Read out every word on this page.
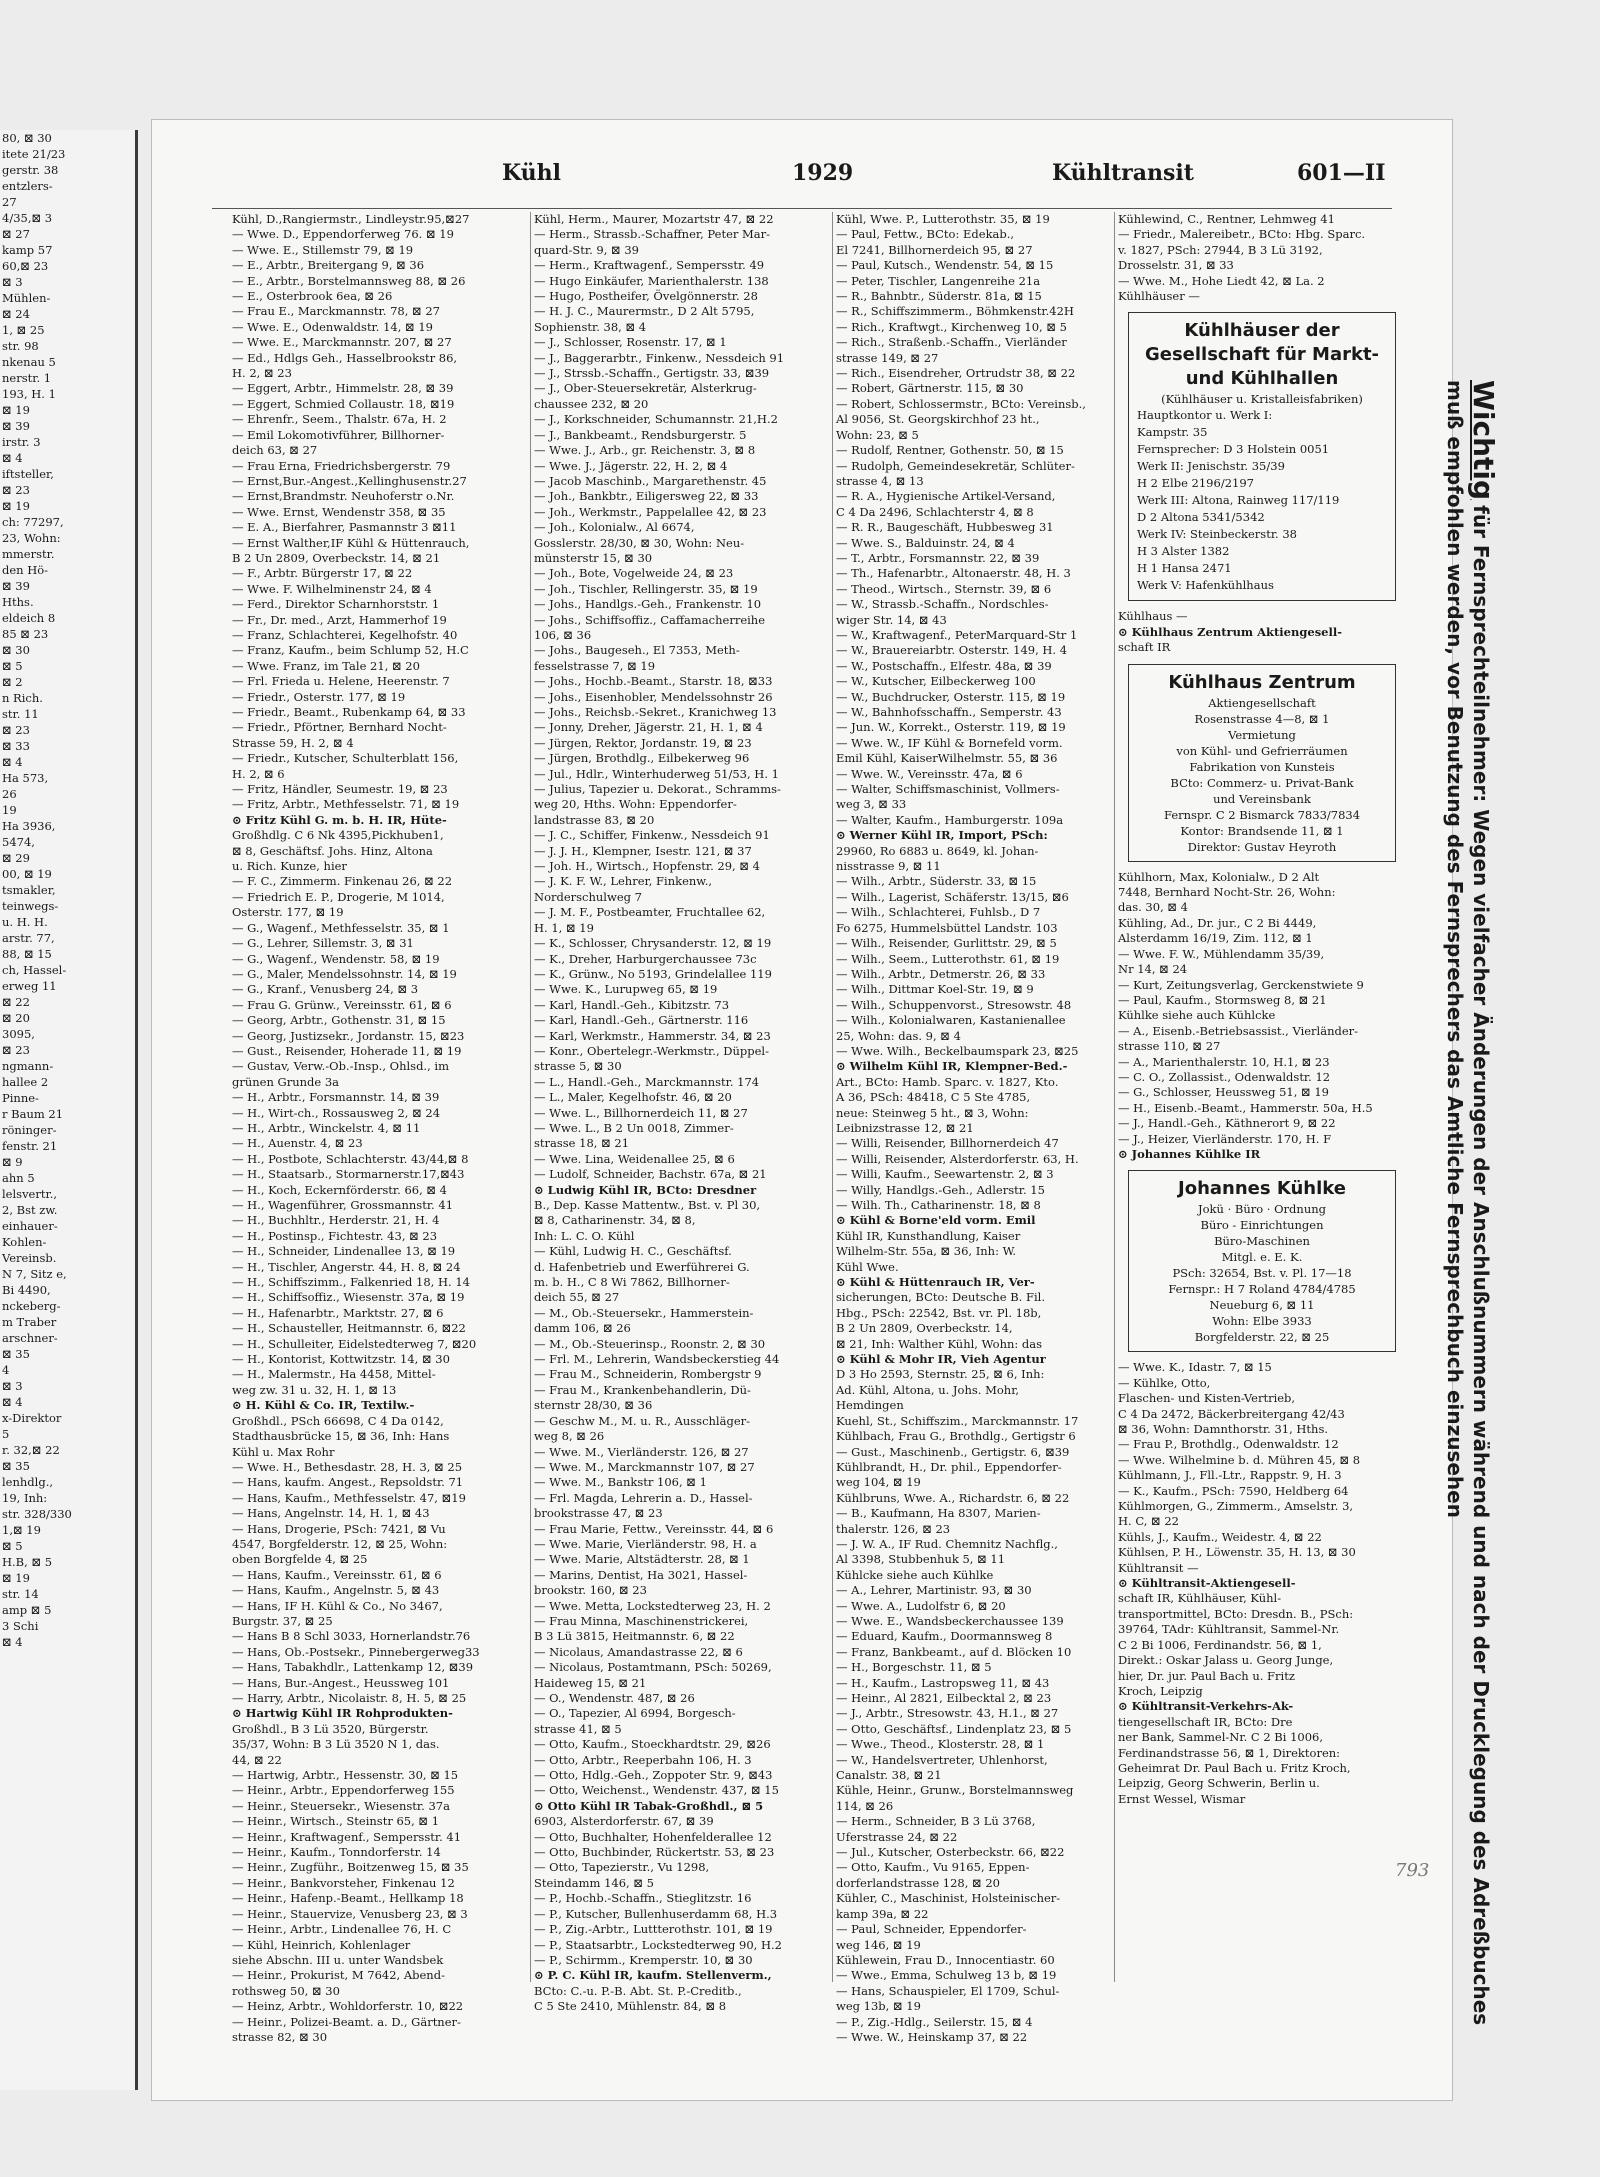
80, ⊠ 30
itete 21/23
gerstr. 38
entzlers-
27
4/35,⊠ 3
⊠ 27
kamp 57
60,⊠ 23
⊠ 3
Mühlen-
⊠ 24
1, ⊠ 25
str. 98
nkenau 5
nerstr. 1
193, H. 1
⊠ 19
⊠ 39
irstr. 3
⊠ 4
iftsteller,
⊠ 23
⊠ 19
ch: 77297,
23, Wohn:
mmerstr.
den Hö-
⊠ 39
Hths.
eldeich 8
85 ⊠ 23
⊠ 30
⊠ 5
⊠ 2
n Rich.
str. 11
⊠ 23
⊠ 33
⊠ 4
Ha 573,
26
19
Ha 3936,
5474,
⊠ 29
00, ⊠ 19
tsmakler,
teinwegs-
u. H. H.
arstr. 77,
88, ⊠ 15
ch, Hassel-
erweg 11
⊠ 22
⊠ 20
3095,
⊠ 23
ngmann-
hallee 2
Pinne-
r Baum 21
röninger-
fenstr. 21
⊠ 9
ahn 5
lelsvertr.,
2, Bst zw.
einhauer-
Kohlen-
Vereinsb.
N 7, Sitz e,
Bi 4490,
nckeberg-
m Traber
arschner-
⊠ 35
4
⊠ 3
⊠ 4
x-Direktor
5
r. 32,⊠ 22
⊠ 35
lenhdlg.,
19, Inh:
str. 328/330
1,⊠ 19
⊠ 5
H.B, ⊠ 5
⊠ 19
str. 14
amp ⊠ 5
3 Schi
⊠ 4
Kühl	1929	Kühltransit	601—II
Kühl, D.,Rangiermstr., Lindleystr.95,⊠27
— Wwe. D., Eppendorferweg 76. ⊠ 19
— Wwe. E., Stillemstr 79, ⊠ 19
— E., Arbtr., Breitergang 9, ⊠ 36
— E., Arbtr., Borstelmannsweg 88, ⊠ 26
— E., Osterbrook 6ea, ⊠ 26
— Frau E., Marckmannstr. 78, ⊠ 27
— Wwe. E., Odenwaldstr. 14, ⊠ 19
— Wwe. E., Marckmannstr. 207, ⊠ 27
— Ed., Hdlgs Geh., Hasselbrookstr 86,
H. 2, ⊠ 23
— Eggert, Arbtr., Himmelstr. 28, ⊠ 39
— Eggert, Schmied Collaustr. 18, ⊠19
— Ehrenfr., Seem., Thalstr. 67a, H. 2
— Emil Lokomotivführer, Billhorner-
deich 63, ⊠ 27
— Frau Erna, Friedrichsbergerstr. 79
— Ernst,Bur.-Angest.,Kellinghusenstr.27
— Ernst,Brandmstr. Neuhoferstr o.Nr.
— Wwe. Ernst, Wendenstr 358, ⊠ 35
— E. A., Bierfahrer, Pasmannstr 3 ⊠11
— Ernst Walther,IF Kühl & Hüttenrauch,
B 2 Un 2809, Overbeckstr. 14, ⊠ 21
— F., Arbtr. Bürgerstr 17, ⊠ 22
— Wwe. F. Wilhelminenstr 24, ⊠ 4
— Ferd., Direktor Scharnhorststr. 1
— Fr., Dr. med., Arzt, Hammerhof 19
— Franz, Schlachterei, Kegelhofstr. 40
— Franz, Kaufm., beim Schlump 52, H.C
— Wwe. Franz, im Tale 21, ⊠ 20
— Frl. Frieda u. Helene, Heerenstr. 7
— Friedr., Osterstr. 177, ⊠ 19
— Friedr., Beamt., Rubenkamp 64, ⊠ 33
— Friedr., Pförtner, Bernhard Nocht-
Strasse 59, H. 2, ⊠ 4
— Friedr., Kutscher, Schulterblatt 156,
H. 2, ⊠ 6
— Fritz, Händler, Seumestr. 19, ⊠ 23
— Fritz, Arbtr., Methfesselstr. 71, ⊠ 19
⊙ Fritz Kühl G. m. b. H. IR, Hüte-
Großhdlg. C 6 Nk 4395,Pickhuben1,
⊠ 8, Geschäftsf. Johs. Hinz, Altona
u. Rich. Kunze, hier
— F. C., Zimmerm. Finkenau 26, ⊠ 22
— Friedrich E. P., Drogerie, M 1014,
Osterstr. 177, ⊠ 19
— G., Wagenf., Methfesselstr. 35, ⊠ 1
— G., Lehrer, Sillemstr. 3, ⊠ 31
— G., Wagenf., Wendenstr. 58, ⊠ 19
— G., Maler, Mendelssohnstr. 14, ⊠ 19
— G., Kranf., Venusberg 24, ⊠ 3
— Frau G. Grünw., Vereinsstr. 61, ⊠ 6
— Georg, Arbtr., Gothenstr. 31, ⊠ 15
— Georg, Justizsekr., Jordanstr. 15, ⊠23
— Gust., Reisender, Hoherade 11, ⊠ 19
— Gustav, Verw.-Ob.-Insp., Ohlsd., im
grünen Grunde 3a
— H., Arbtr., Forsmannstr. 14, ⊠ 39
— H., Wirt-ch., Rossausweg 2, ⊠ 24
— H., Arbtr., Winckelstr. 4, ⊠ 11
— H., Auenstr. 4, ⊠ 23
— H., Postbote, Schlachterstr. 43/44,⊠ 8
— H., Staatsarb., Stormarnerstr.17,⊠43
— H., Koch, Eckernförderstr. 66, ⊠ 4
— H., Wagenführer, Grossmannstr. 41
— H., Buchhltr., Herderstr. 21, H. 4
— H., Postinsp., Fichtestr. 43, ⊠ 23
— H., Schneider, Lindenallee 13, ⊠ 19
— H., Tischler, Angerstr. 44, H. 8, ⊠ 24
— H., Schiffszimm., Falkenried 18, H. 14
— H., Schiffsoffiz., Wiesenstr. 37a, ⊠ 19
— H., Hafenarbtr., Marktstr. 27, ⊠ 6
— H., Schausteller, Heitmannstr. 6, ⊠22
— H., Schulleiter, Eidelstedterweg 7, ⊠20
— H., Kontorist, Kottwitzstr. 14, ⊠ 30
— H., Malermstr., Ha 4458, Mittel-
weg zw. 31 u. 32, H. 1, ⊠ 13
⊙ H. Kühl & Co. IR, Textilw.-
Großhdl., PSch 66698, C 4 Da 0142,
Stadthausbrücke 15, ⊠ 36, Inh: Hans
Kühl u. Max Rohr
— Wwe. H., Bethesdastr. 28, H. 3, ⊠ 25
— Hans, kaufm. Angest., Repsoldstr. 71
— Hans, Kaufm., Methfesselstr. 47, ⊠19
— Hans, Angelnstr. 14, H. 1, ⊠ 43
— Hans, Drogerie, PSch: 7421, ⊠ Vu
4547, Borgfelderstr. 12, ⊠ 25, Wohn:
oben Borgfelde 4, ⊠ 25
— Hans, Kaufm., Vereinsstr. 61, ⊠ 6
— Hans, Kaufm., Angelnstr. 5, ⊠ 43
— Hans, IF H. Kühl & Co., No 3467,
Burgstr. 37, ⊠ 25
— Hans B 8 Schl 3033, Hornerlandstr.76
— Hans, Ob.-Postsekr., Pinnebergerweg33
— Hans, Tabakhdlr., Lattenkamp 12, ⊠39
— Hans, Bur.-Angest., Heussweg 101
— Harry, Arbtr., Nicolaistr. 8, H. 5, ⊠ 25
⊙ Hartwig Kühl IR Rohprodukten-
Großhdl., B 3 Lü 3520, Bürgerstr.
35/37, Wohn: B 3 Lü 3520 N 1, das.
44, ⊠ 22
— Hartwig, Arbtr., Hessenstr. 30, ⊠ 15
— Heinr., Arbtr., Eppendorferweg 155
— Heinr., Steuersekr., Wiesenstr. 37a
— Heinr., Wirtsch., Steinstr 65, ⊠ 1
— Heinr., Kraftwagenf., Sempersstr. 41
— Heinr., Kaufm., Tonndorferstr. 14
— Heinr., Zugführ., Boitzenweg 15, ⊠ 35
— Heinr., Bankvorsteher, Finkenau 12
— Heinr., Hafenp.-Beamt., Hellkamp 18
— Heinr., Stauervize, Venusberg 23, ⊠ 3
— Heinr., Arbtr., Lindenallee 76, H. C
— Kühl, Heinrich, Kohlenlager
siehe Abschn. III u. unter Wandsbek
— Heinr., Prokurist, M 7642, Abend-
rothsweg 50, ⊠ 30
— Heinz, Arbtr., Wohldorferstr. 10, ⊠22
— Heinr., Polizei-Beamt. a. D., Gärtner-
strasse 82, ⊠ 30
Kühl, Herm., Maurer, Mozartstr 47, ⊠ 22
— Herm., Strassb.-Schaffner, Peter Mar-
quard-Str. 9, ⊠ 39
— Herm., Kraftwagenf., Sempersstr. 49
— Hugo Einkäufer, Marienthalerstr. 138
— Hugo, Postheifer, Övelgönnerstr. 28
— H. J. C., Maurermstr., D 2 Alt 5795,
Sophienstr. 38, ⊠ 4
— J., Schlosser, Rosenstr. 17, ⊠ 1
— J., Baggerarbtr., Finkenw., Nessdeich 91
— J., Strssb.-Schaffn., Gertigstr. 33, ⊠39
— J., Ober-Steuersekretär, Alsterkrug-
chaussee 232, ⊠ 20
— J., Korkschneider, Schumannstr. 21,H.2
— J., Bankbeamt., Rendsburgerstr. 5
— Wwe. J., Arb., gr. Reichenstr. 3, ⊠ 8
— Wwe. J., Jägerstr. 22, H. 2, ⊠ 4
— Jacob Maschinb., Margarethenstr. 45
— Joh., Bankbtr., Eiligersweg 22, ⊠ 33
— Joh., Werkmstr., Pappelallee 42, ⊠ 23
— Joh., Kolonialw., Al 6674,
Gosslerstr. 28/30, ⊠ 30, Wohn: Neu-
münsterstr 15, ⊠ 30
— Joh., Bote, Vogelweide 24, ⊠ 23
— Joh., Tischler, Rellingerstr. 35, ⊠ 19
— Johs., Handlgs.-Geh., Frankenstr. 10
— Johs., Schiffsoffiz., Caffamacherreihe
106, ⊠ 36
— Johs., Baugeseh., El 7353, Meth-
fesselstrasse 7, ⊠ 19
— Johs., Hochb.-Beamt., Starstr. 18, ⊠33
— Johs., Eisenhobler, Mendelssohnstr 26
— Johs., Reichsb.-Sekret., Kranichweg 13
— Jonny, Dreher, Jägerstr. 21, H. 1, ⊠ 4
— Jürgen, Rektor, Jordanstr. 19, ⊠ 23
— Jürgen, Brothdlg., Eilbekerweg 96
— Jul., Hdlr., Winterhuderweg 51/53, H. 1
— Julius, Tapezier u. Dekorat., Schramms-
weg 20, Hths. Wohn: Eppendorfer-
landstrasse 83, ⊠ 20
— J. C., Schiffer, Finkenw., Nessdeich 91
— J. J. H., Klempner, Isestr. 121, ⊠ 37
— Joh. H., Wirtsch., Hopfenstr. 29, ⊠ 4
— J. K. F. W., Lehrer, Finkenw.,
Norderschulweg 7
— J. M. F., Postbeamter, Fruchtallee 62,
H. 1, ⊠ 19
— K., Schlosser, Chrysanderstr. 12, ⊠ 19
— K., Dreher, Harburgerchaussee 73c
— K., Grünw., No 5193, Grindelallee 119
— Wwe. K., Lurupweg 65, ⊠ 19
— Karl, Handl.-Geh., Kibitzstr. 73
— Karl, Handl.-Geh., Gärtnerstr. 116
— Karl, Werkmstr., Hammerstr. 34, ⊠ 23
— Konr., Obertelegr.-Werkmstr., Düppel-
strasse 5, ⊠ 30
— L., Handl.-Geh., Marckmannstr. 174
— L., Maler, Kegelhofstr. 46, ⊠ 20
— Wwe. L., Billhornerdeich 11, ⊠ 27
— Wwe. L., B 2 Un 0018, Zimmer-
strasse 18, ⊠ 21
— Wwe. Lina, Weidenallee 25, ⊠ 6
— Ludolf, Schneider, Bachstr. 67a, ⊠ 21
⊙ Ludwig Kühl IR, BCto: Dresdner
B., Dep. Kasse Mattentw., Bst. v. Pl 30,
⊠ 8, Catharinenstr. 34, ⊠ 8,
Inh: L. C. O. Kühl
— Kühl, Ludwig H. C., Geschäftsf.
d. Hafenbetrieb und Ewerführerei G.
m. b. H., C 8 Wi 7862, Billhorner-
deich 55, ⊠ 27
— M., Ob.-Steuersekr., Hammerstein-
damm 106, ⊠ 26
— M., Ob.-Steuerinsp., Roonstr. 2, ⊠ 30
— Frl. M., Lehrerin, Wandsbeckerstieg 44
— Frau M., Schneiderin, Rombergstr 9
— Frau M., Krankenbehandlerin, Dü-
sternstr 28/30, ⊠ 36
— Geschw M., M. u. R., Ausschläger-
weg 8, ⊠ 26
— Wwe. M., Vierländerstr. 126, ⊠ 27
— Wwe. M., Marckmannstr 107, ⊠ 27
— Wwe. M., Bankstr 106, ⊠ 1
— Frl. Magda, Lehrerin a. D., Hassel-
brookstrasse 47, ⊠ 23
— Frau Marie, Fettw., Vereinsstr. 44, ⊠ 6
— Wwe. Marie, Vierländerstr. 98, H. a
— Wwe. Marie, Altstädterstr. 28, ⊠ 1
— Marins, Dentist, Ha 3021, Hassel-
brookstr. 160, ⊠ 23
— Wwe. Metta, Lockstedterweg 23, H. 2
— Frau Minna, Maschinenstrickerei,
B 3 Lü 3815, Heitmannstr. 6, ⊠ 22
— Nicolaus, Amandastrasse 22, ⊠ 6
— Nicolaus, Postamtmann, PSch: 50269,
Haideweg 15, ⊠ 21
— O., Wendenstr. 487, ⊠ 26
— O., Tapezier, Al 6994, Borgesch-
strasse 41, ⊠ 5
— Otto, Kaufm., Stoeckhardtstr. 29, ⊠26
— Otto, Arbtr., Reeperbahn 106, H. 3
— Otto, Hdlg.-Geh., Zoppoter Str. 9, ⊠43
— Otto, Weichenst., Wendenstr. 437, ⊠ 15
⊙ Otto Kühl IR Tabak-Großhdl., ⊠ 5
6903, Alsterdorferstr. 67, ⊠ 39
— Otto, Buchhalter, Hohenfelderallee 12
— Otto, Buchbinder, Rückertstr. 53, ⊠ 23
— Otto, Tapezierstr., Vu 1298,
Steindamm 146, ⊠ 5
— P., Hochb.-Schaffn., Stieglitzstr. 16
— P., Kutscher, Bullenhuserdamm 68, H.3
— P., Zig.-Arbtr., Luttterothstr. 101, ⊠ 19
— P., Staatsarbtr., Lockstedterweg 90, H.2
— P., Schirmm., Kremperstr. 10, ⊠ 30
⊙ P. C. Kühl IR, kaufm. Stellenverm.,
BCto: C.-u. P.-B. Abt. St. P.-Creditb.,
C 5 Ste 2410, Mühlenstr. 84, ⊠ 8
Kühl, Wwe. P., Lutterothstr. 35, ⊠ 19
— Paul, Fettw., BCto: Edekab.,
El 7241, Billhornerdeich 95, ⊠ 27
— Paul, Kutsch., Wendenstr. 54, ⊠ 15
— Peter, Tischler, Langenreihe 21a
— R., Bahnbtr., Süderstr. 81a, ⊠ 15
— R., Schiffszimmerm., Böhmkenstr.42H
— Rich., Kraftwgt., Kirchenweg 10, ⊠ 5
— Rich., Straßenb.-Schaffn., Vierländer
strasse 149, ⊠ 27
— Rich., Eisendreher, Ortrudstr 38, ⊠ 22
— Robert, Gärtnerstr. 115, ⊠ 30
— Robert, Schlossermstr., BCto: Vereinsb.,
Al 9056, St. Georgskirchhof 23 ht.,
Wohn: 23, ⊠ 5
— Rudolf, Rentner, Gothenstr. 50, ⊠ 15
— Rudolph, Gemeindesekretär, Schlüter-
strasse 4, ⊠ 13
— R. A., Hygienische Artikel-Versand,
C 4 Da 2496, Schlachterstr 4, ⊠ 8
— R. R., Baugeschäft, Hubbesweg 31
— Wwe. S., Balduinstr. 24, ⊠ 4
— T., Arbtr., Forsmannstr. 22, ⊠ 39
— Th., Hafenarbtr., Altonaerstr. 48, H. 3
— Theod., Wirtsch., Sternstr. 39, ⊠ 6
— W., Strassb.-Schaffn., Nordschles-
wiger Str. 14, ⊠ 43
— W., Kraftwagenf., PeterMarquard-Str 1
— W., Brauereiarbtr. Osterstr. 149, H. 4
— W., Postschaffn., Elfestr. 48a, ⊠ 39
— W., Kutscher, Eilbeckerweg 100
— W., Buchdrucker, Osterstr. 115, ⊠ 19
— W., Bahnhofsschaffn., Semperstr. 43
— Jun. W., Korrekt., Osterstr. 119, ⊠ 19
— Wwe. W., IF Kühl & Bornefeld vorm.
Emil Kühl, KaiserWilhelmstr. 55, ⊠ 36
— Wwe. W., Vereinsstr. 47a, ⊠ 6
— Walter, Schiffsmaschinist, Vollmers-
weg 3, ⊠ 33
— Walter, Kaufm., Hamburgerstr. 109a
⊙ Werner Kühl IR, Import, PSch:
29960, Ro 6883 u. 8649, kl. Johan-
nisstrasse 9, ⊠ 11
— Wilh., Arbtr., Süderstr. 33, ⊠ 15
— Wilh., Lagerist, Schäferstr. 13/15, ⊠6
— Wilh., Schlachterei, Fuhlsb., D 7
Fo 6275, Hummelsbüttel Landstr. 103
— Wilh., Reisender, Gurlittstr. 29, ⊠ 5
— Wilh., Seem., Lutterothstr. 61, ⊠ 19
— Wilh., Arbtr., Detmerstr. 26, ⊠ 33
— Wilh., Dittmar Koel-Str. 19, ⊠ 9
— Wilh., Schuppenvorst., Stresowstr. 48
— Wilh., Kolonialwaren, Kastanienallee
25, Wohn: das. 9, ⊠ 4
— Wwe. Wilh., Beckelbaumspark 23, ⊠25
⊙ Wilhelm Kühl IR, Klempner-Bed.-
Art., BCto: Hamb. Sparc. v. 1827, Kto.
A 36, PSch: 48418, C 5 Ste 4785,
neue: Steinweg 5 ht., ⊠ 3, Wohn:
Leibnizstrasse 12, ⊠ 21
— Willi, Reisender, Billhornerdeich 47
— Willi, Reisender, Alsterdorferstr. 63, H.
— Willi, Kaufm., Seewartenstr. 2, ⊠ 3
— Willy, Handlgs.-Geh., Adlerstr. 15
— Wilh. Th., Catharinenstr. 18, ⊠ 8
⊙ Kühl & Borne'eld vorm. Emil
Kühl IR, Kunsthandlung, Kaiser
Wilhelm-Str. 55a, ⊠ 36, Inh: W.
Kühl Wwe.
⊙ Kühl & Hüttenrauch IR, Ver-
sicherungen, BCto: Deutsche B. Fil.
Hbg., PSch: 22542, Bst. vr. Pl. 18b,
B 2 Un 2809, Overbeckstr. 14,
⊠ 21, Inh: Walther Kühl, Wohn: das
⊙ Kühl & Mohr IR, Vieh Agentur
D 3 Ho 2593, Sternstr. 25, ⊠ 6, Inh:
Ad. Kühl, Altona, u. Johs. Mohr,
Hemdingen
Kuehl, St., Schiffszim., Marckmannstr. 17
Kühlbach, Frau G., Brothdlg., Gertigstr 6
— Gust., Maschinenb., Gertigstr. 6, ⊠39
Kühlbrandt, H., Dr. phil., Eppendorfer-
weg 104, ⊠ 19
Kühlbruns, Wwe. A., Richardstr. 6, ⊠ 22
— B., Kaufmann, Ha 8307, Marien-
thalerstr. 126, ⊠ 23
— J. W. A., IF Rud. Chemnitz Nachflg.,
Al 3398, Stubbenhuk 5, ⊠ 11
Kühlcke siehe auch Kühlke
— A., Lehrer, Martinistr. 93, ⊠ 30
— Wwe. A., Ludolfstr 6, ⊠ 20
— Wwe. E., Wandsbeckerchaussee 139
— Eduard, Kaufm., Doormannsweg 8
— Franz, Bankbeamt., auf d. Blöcken 10
— H., Borgeschstr. 11, ⊠ 5
— H., Kaufm., Lastropsweg 11, ⊠ 43
— Heinr., Al 2821, Eilbecktal 2, ⊠ 23
— J., Arbtr., Stresowstr. 43, H.1., ⊠ 27
— Otto, Geschäftsf., Lindenplatz 23, ⊠ 5
— Wwe., Theod., Klosterstr. 28, ⊠ 1
— W., Handelsvertreter, Uhlenhorst,
Canalstr. 38, ⊠ 21
Kühle, Heinr., Grunw., Borstelmannsweg
114, ⊠ 26
— Herm., Schneider, B 3 Lü 3768,
Uferstrasse 24, ⊠ 22
— Jul., Kutscher, Osterbeckstr. 66, ⊠22
— Otto, Kaufm., Vu 9165, Eppen-
dorferlandstrasse 128, ⊠ 20
Kühler, C., Maschinist, Holsteinischer-
kamp 39a, ⊠ 22
— Paul, Schneider, Eppendorfer-
weg 146, ⊠ 19
Kühlewein, Frau D., Innocentiastr. 60
— Wwe., Emma, Schulweg 13 b, ⊠ 19
— Hans, Schauspieler, El 1709, Schul-
weg 13b, ⊠ 19
— P., Zig.-Hdlg., Seilerstr. 15, ⊠ 4
— Wwe. W., Heinskamp 37, ⊠ 22
Kühlewind, C., Rentner, Lehmweg 41
— Friedr., Malereibetr., BCto: Hbg. Sparc.
v. 1827, PSch: 27944, B 3 Lü 3192,
Drosselstr. 31, ⊠ 33
— Wwe. M., Hohe Liedt 42, ⊠ La. 2
Kühlhäuser —
Kühlhäuser der Gesellschaft für Markt- und Kühlhallen
(Kühlhäuser u. Kristalleisfabriken)
Hauptkontor u. Werk I:
Kampstr. 35
Fernsprecher: D 3 Holstein 0051
Werk II: Jenischstr. 35/39
H 2 Elbe 2196/2197
Werk III: Altona, Rainweg 117/119
D 2 Altona 5341/5342
Werk IV: Steinbeckerstr. 38
H 3 Alster 1382
H 1 Hansa 2471
Werk V: Hafenkühlhaus
Kühlhaus —
⊙ Kühlhaus Zentrum Aktiengesell-
schaft IR
Kühlhaus Zentrum
Aktiengesellschaft
Rosenstrasse 4—8, ⊠ 1
Vermietung
von Kühl- und Gefrierräumen
Fabrikation von Kunsteis
BCto: Commerz- u. Privat-Bank
und Vereinsbank
Fernspr. C 2 Bismarck 7833/7834
Kontor: Brandsende 11, ⊠ 1
Direktor: Gustav Heyroth
Kühlhorn, Max, Kolonialw., D 2 Alt
7448, Bernhard Nocht-Str. 26, Wohn:
das. 30, ⊠ 4
Kühling, Ad., Dr. jur., C 2 Bi 4449,
Alsterdamm 16/19, Zim. 112, ⊠ 1
— Wwe. F. W., Mühlendamm 35/39,
Nr 14, ⊠ 24
— Kurt, Zeitungsverlag, Gerckenstwiete 9
— Paul, Kaufm., Stormsweg 8, ⊠ 21
Kühlke siehe auch Kühlcke
— A., Eisenb.-Betriebsassist., Vierländer-
strasse 110, ⊠ 27
— A., Marienthalerstr. 10, H.1, ⊠ 23
— C. O., Zollassist., Odenwaldstr. 12
— G., Schlosser, Heussweg 51, ⊠ 19
— H., Eisenb.-Beamt., Hammerstr. 50a, H.5
— J., Handl.-Geh., Käthnerort 9, ⊠ 22
— J., Heizer, Vierländerstr. 170, H. F
⊙ Johannes Kühlke IR
Johannes Kühlke
Jokü · Büro · Ordnung
Büro - Einrichtungen
Büro-Maschinen
Mitgl. e. E. K.
PSch: 32654, Bst. v. Pl. 17—18
Fernspr.: H 7 Roland 4784/4785
Neueburg 6, ⊠ 11
Wohn: Elbe 3933
Borgfelderstr. 22, ⊠ 25
— Wwe. K., Idastr. 7, ⊠ 15
— Kühlke, Otto,
Flaschen- und Kisten-Vertrieb,
C 4 Da 2472, Bäckerbreitergang 42/43
⊠ 36, Wohn: Damnthorstr. 31, Hths.
— Frau P., Brothdlg., Odenwaldstr. 12
— Wwe. Wilhelmine b. d. Mühren 45, ⊠ 8
Kühlmann, J., Fll.-Ltr., Rappstr. 9, H. 3
— K., Kaufm., PSch: 7590, Heldberg 64
Kühlmorgen, G., Zimmerm., Amselstr. 3,
H. C, ⊠ 22
Kühls, J., Kaufm., Weidestr. 4, ⊠ 22
Kühlsen, P. H., Löwenstr. 35, H. 13, ⊠ 30
Kühltransit —
⊙ Kühltransit-Aktiengesell-
schaft IR, Kühlhäuser, Kühl-
transportmittel, BCto: Dresdn. B., PSch:
39764, TAdr: Kühltransit, Sammel-Nr.
C 2 Bi 1006, Ferdinandstr. 56, ⊠ 1,
Direkt.: Oskar Jalass u. Georg Junge,
hier, Dr. jur. Paul Bach u. Fritz
Kroch, Leipzig
⊙ Kühltransit-Verkehrs-Ak-
tiengesellschaft IR, BCto: Dre
ner Bank, Sammel-Nr. C 2 Bi 1006,
Ferdinandstrasse 56, ⊠ 1, Direktoren:
Geheimrat Dr. Paul Bach u. Fritz Kroch,
Leipzig, Georg Schwerin, Berlin u.
Ernst Wessel, Wismar
Wichtig für Fernsprechteilnehmer: Wegen vielfacher Änderungen der Anschlußnummern während und nach der Drucklegung des Adreßbuches muß empfohlen werden, vor Benutzung des Fernsprechers das Amtliche Fernsprechbuch einzusehen
793
